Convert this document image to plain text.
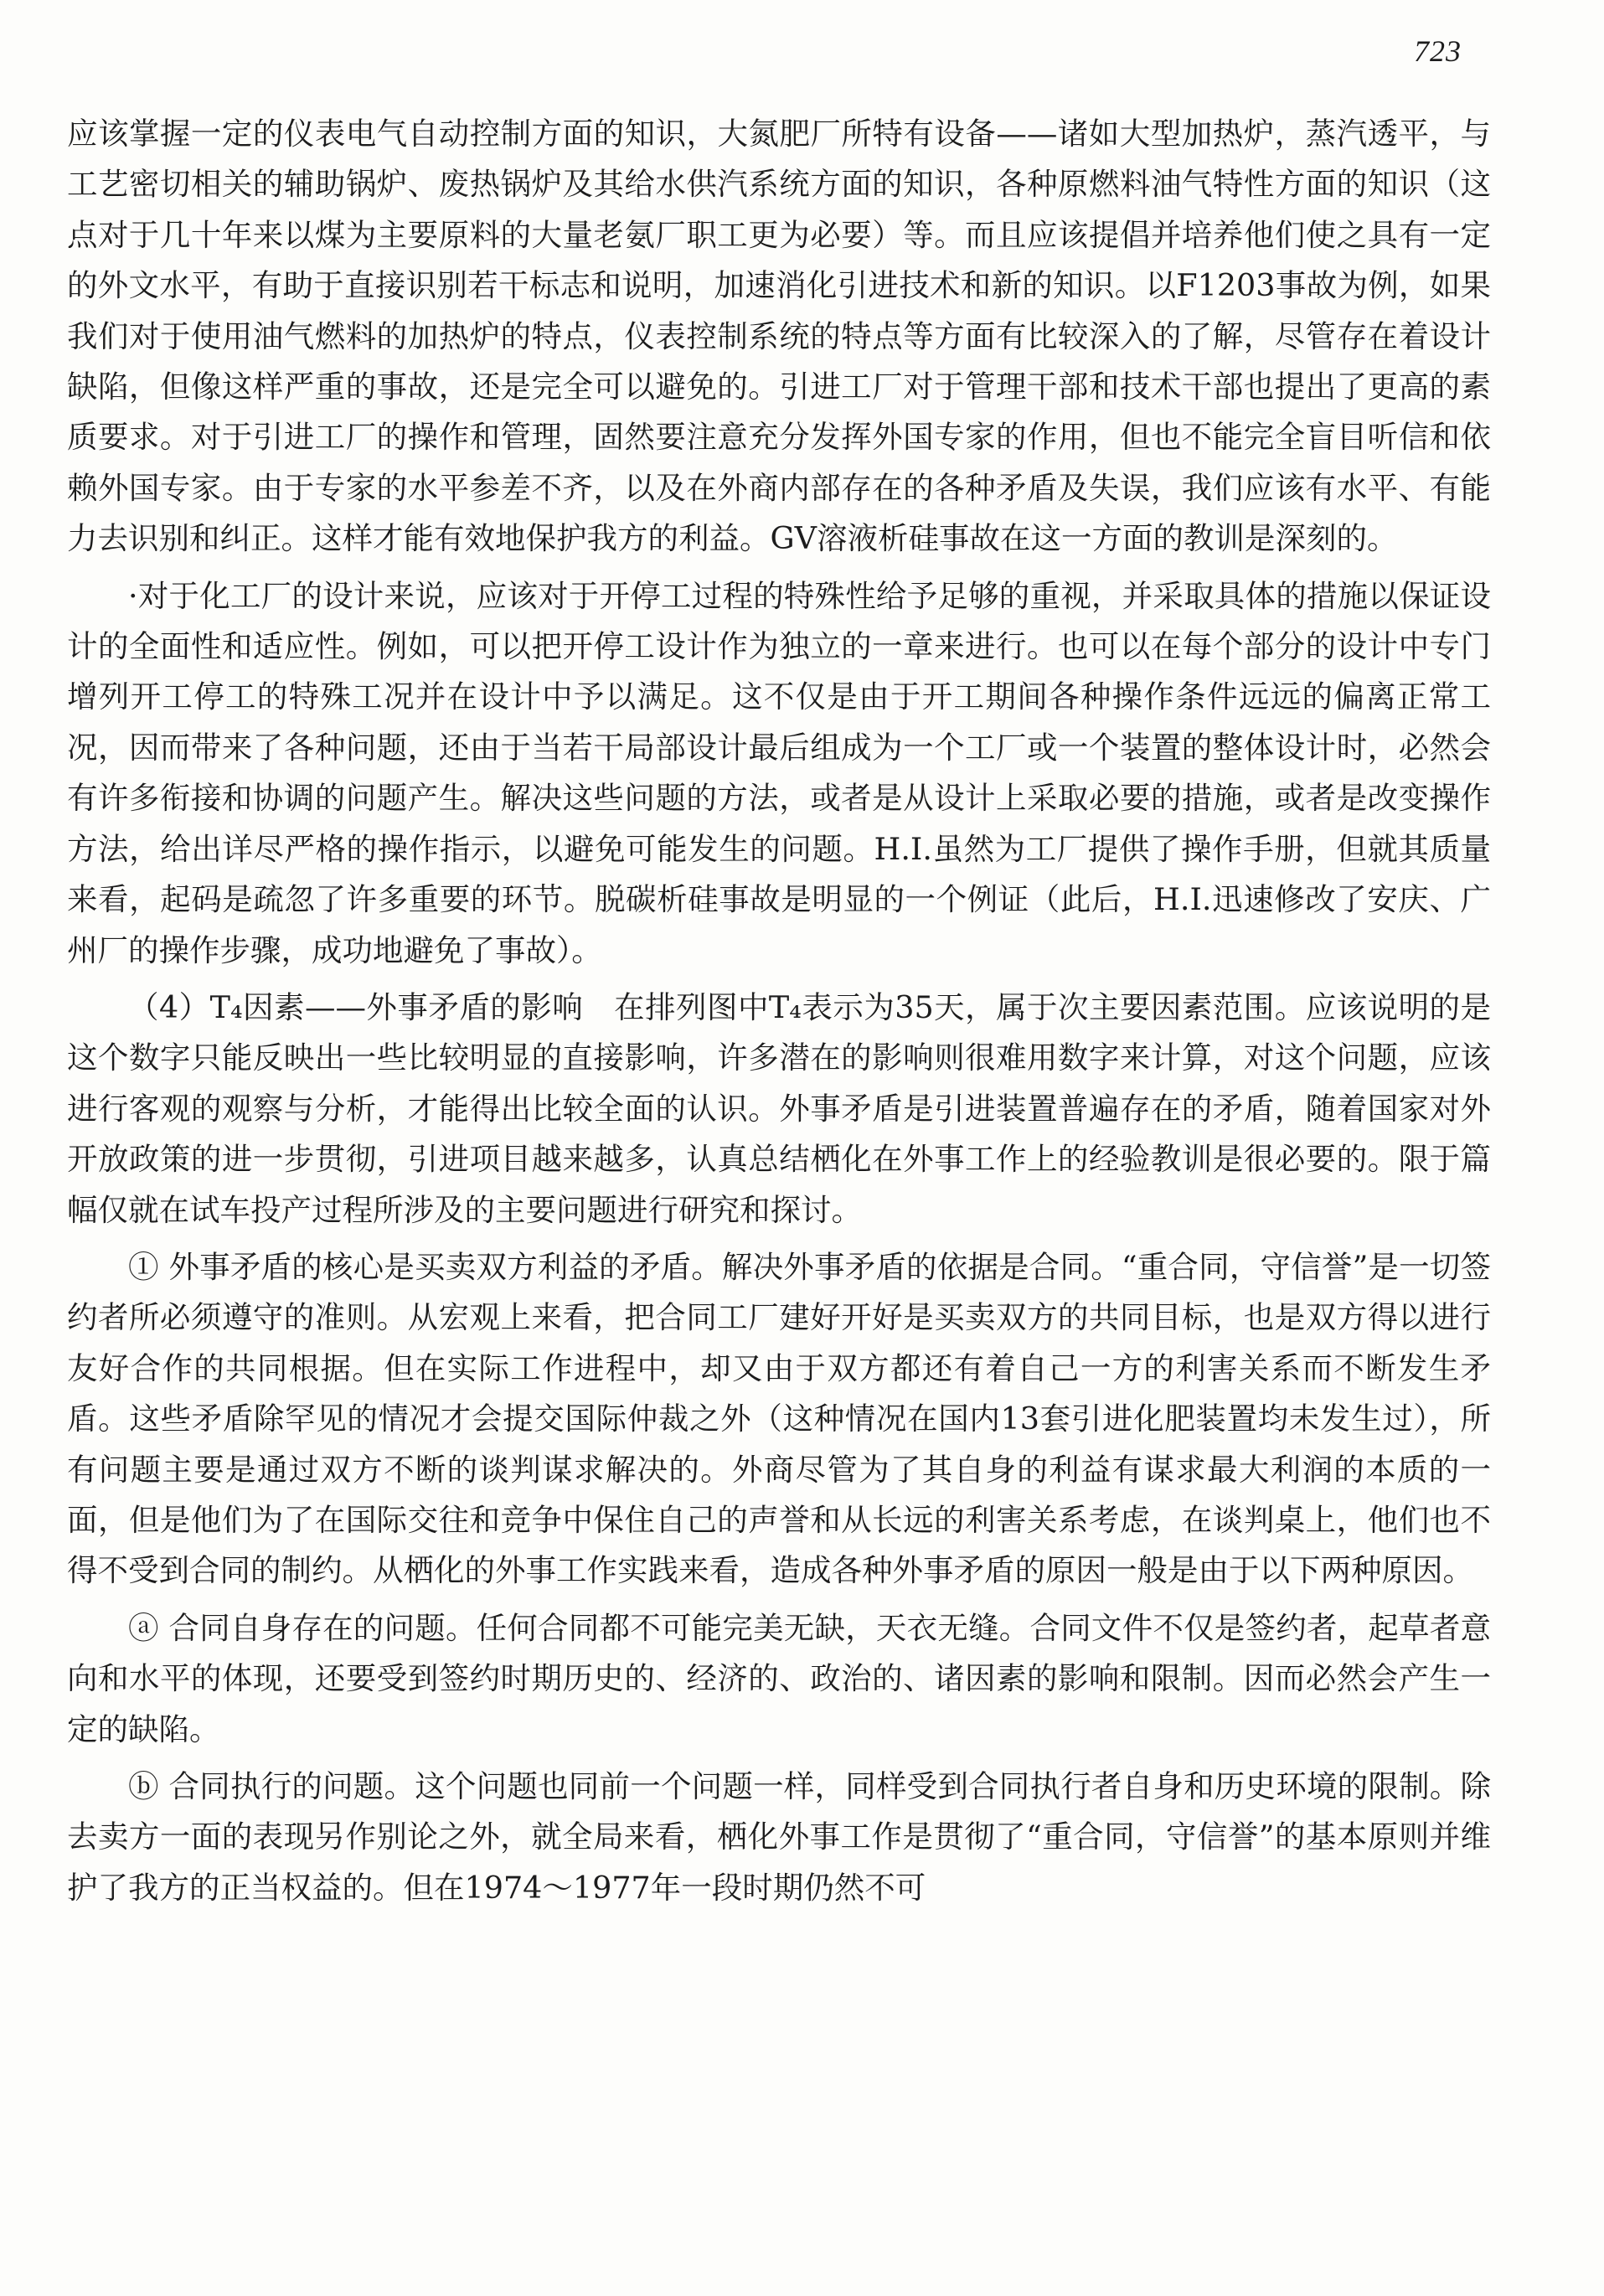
723

应该掌握一定的仪表电气自动控制方面的知识，大氮肥厂所特有设备——诸如大型加热炉，蒸汽透平，与工艺密切相关的辅助锅炉、废热锅炉及其给水供汽系统方面的知识，各种原燃料油气特性方面的知识（这点对于几十年来以煤为主要原料的大量老氨厂职工更为必要）等。而且应该提倡并培养他们使之具有一定的外文水平，有助于直接识别若干标志和说明，加速消化引进技术和新的知识。以F1203事故为例，如果我们对于使用油气燃料的加热炉的特点，仪表控制系统的特点等方面有比较深入的了解，尽管存在着设计缺陷，但像这样严重的事故，还是完全可以避免的。引进工厂对于管理干部和技术干部也提出了更高的素质要求。对于引进工厂的操作和管理，固然要注意充分发挥外国专家的作用，但也不能完全盲目听信和依赖外国专家。由于专家的水平参差不齐，以及在外商内部存在的各种矛盾及失误，我们应该有水平、有能力去识别和纠正。这样才能有效地保护我方的利益。GV溶液析硅事故在这一方面的教训是深刻的。

·对于化工厂的设计来说，应该对于开停工过程的特殊性给予足够的重视，并采取具体的措施以保证设计的全面性和适应性。例如，可以把开停工设计作为独立的一章来进行。也可以在每个部分的设计中专门增列开工停工的特殊工况并在设计中予以满足。这不仅是由于开工期间各种操作条件远远的偏离正常工况，因而带来了各种问题，还由于当若干局部设计最后组成为一个工厂或一个装置的整体设计时，必然会有许多衔接和协调的问题产生。解决这些问题的方法，或者是从设计上采取必要的措施，或者是改变操作方法，给出详尽严格的操作指示，以避免可能发生的问题。H.I.虽然为工厂提供了操作手册，但就其质量来看，起码是疏忽了许多重要的环节。脱碳析硅事故是明显的一个例证（此后，H.I.迅速修改了安庆、广州厂的操作步骤，成功地避免了事故）。

（4）T₄因素——外事矛盾的影响　在排列图中T₄表示为35天，属于次主要因素范围。应该说明的是这个数字只能反映出一些比较明显的直接影响，许多潜在的影响则很难用数字来计算，对这个问题，应该进行客观的观察与分析，才能得出比较全面的认识。外事矛盾是引进装置普遍存在的矛盾，随着国家对外开放政策的进一步贯彻，引进项目越来越多，认真总结栖化在外事工作上的经验教训是很必要的。限于篇幅仅就在试车投产过程所涉及的主要问题进行研究和探讨。

① 外事矛盾的核心是买卖双方利益的矛盾。解决外事矛盾的依据是合同。“重合同，守信誉”是一切签约者所必须遵守的准则。从宏观上来看，把合同工厂建好开好是买卖双方的共同目标，也是双方得以进行友好合作的共同根据。但在实际工作进程中，却又由于双方都还有着自己一方的利害关系而不断发生矛盾。这些矛盾除罕见的情况才会提交国际仲裁之外（这种情况在国内13套引进化肥装置均未发生过），所有问题主要是通过双方不断的谈判谋求解决的。外商尽管为了其自身的利益有谋求最大利润的本质的一面，但是他们为了在国际交往和竞争中保住自己的声誉和从长远的利害关系考虑，在谈判桌上，他们也不得不受到合同的制约。从栖化的外事工作实践来看，造成各种外事矛盾的原因一般是由于以下两种原因。

ⓐ 合同自身存在的问题。任何合同都不可能完美无缺，天衣无缝。合同文件不仅是签约者，起草者意向和水平的体现，还要受到签约时期历史的、经济的、政治的、诸因素的影响和限制。因而必然会产生一定的缺陷。

ⓑ 合同执行的问题。这个问题也同前一个问题一样，同样受到合同执行者自身和历史环境的限制。除去卖方一面的表现另作别论之外，就全局来看，栖化外事工作是贯彻了“重合同，守信誉”的基本原则并维护了我方的正当权益的。但在1974～1977年一段时期仍然不可
